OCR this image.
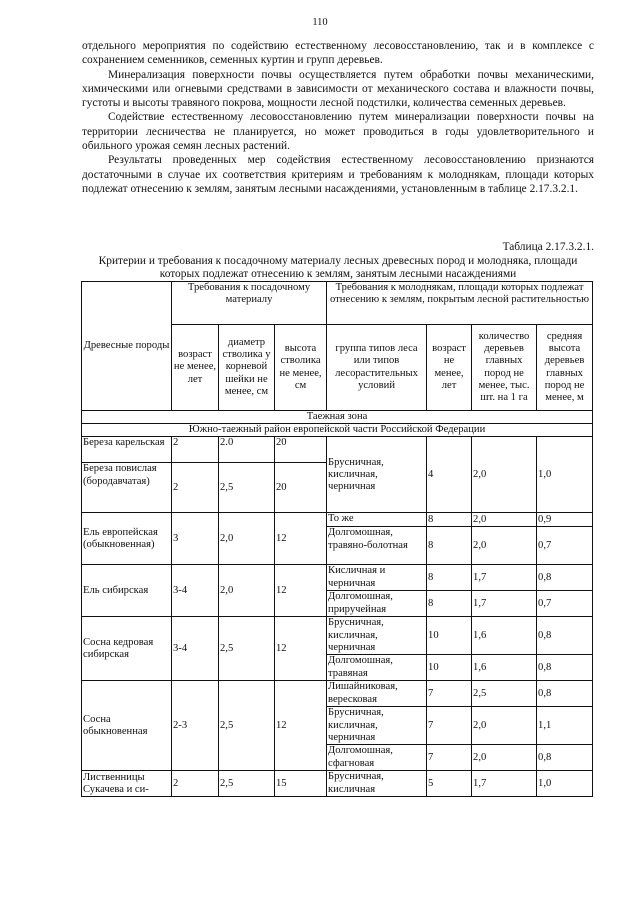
110

отдельного мероприятия по содействию естественному лесовосстановлению, так и в комплексе с сохранением семенников, семенных куртин и групп деревьев.

Минерализация поверхности почвы осуществляется путем обработки почвы механическими, химическими или огневыми средствами в зависимости от механического состава и влажности почвы, густоты и высоты травяного покрова, мощности лесной подстилки, количества семенных деревьев.

Содействие естественному лесовосстановлению путем минерализации поверхности почвы на территории лесничества не планируется, но может проводиться в годы удовлетворительного и обильного урожая семян лесных растений.

Результаты проведенных мер содействия естественному лесовосстановлению признаются достаточными в случае их соответствия критериям и требованиям к молоднякам, площади которых подлежат отнесению к землям, занятым лесными насаждениями, установленным в таблице 2.17.3.2.1.

Таблица 2.17.3.2.1.
Критерии и требования к посадочному материалу лесных древесных пород и молодняка, площади которых подлежат отнесению к землям, занятым лесными насаждениями
Древесные породы	Требования к посадочному материалу			Требования к молоднякам, площади которых подлежат отнесению к землям, покрытым лесной растительностью			
	возраст не менее, лет	диаметр стволика у корневой шейки не менее, см	высота стволика не менее, см	группа типов леса или типов лесорастительных условий	возраст не менее, лет	количество деревьев главных пород не менее, тыс. шт. на 1 га	средняя высота деревьев главных пород не менее, м
Таежная зона							
Южно-таежный район европейской части Российской Федерации							
Береза карельская	2	2.0	20	Брусничная, кисличная, черничная	4	2,0	1,0
Береза повислая (бородавчатая)	2	2,5	20				
Ель европейская (обыкновенная)	3	2,0	12	То же	8	2,0	0,9
				Долгомошная, травяно-болотная	8	2,0	0,7
Ель сибирская	3-4	2,0	12	Кисличная и черничная	8	1,7	0,8
				Долгомошная, приручейная	8	1,7	0,7
Сосна кедровая сибирская	3-4	2,5	12	Брусничная, кисличная, черничная	10	1,6	0,8
				Долгомошная, травяная	10	1,6	0,8
Сосна обыкновенная	2-3	2,5	12	Лишайниковая, вересковая	7	2,5	0,8
				Брусничная, кисличная, черничная	7	2,0	1,1
				Долгомошная, сфагновая	7	2,0	0,8
Лиственницы Сукачева и си-	2	2,5	15	Брусничная, кисличная	5	1,7	1,0
